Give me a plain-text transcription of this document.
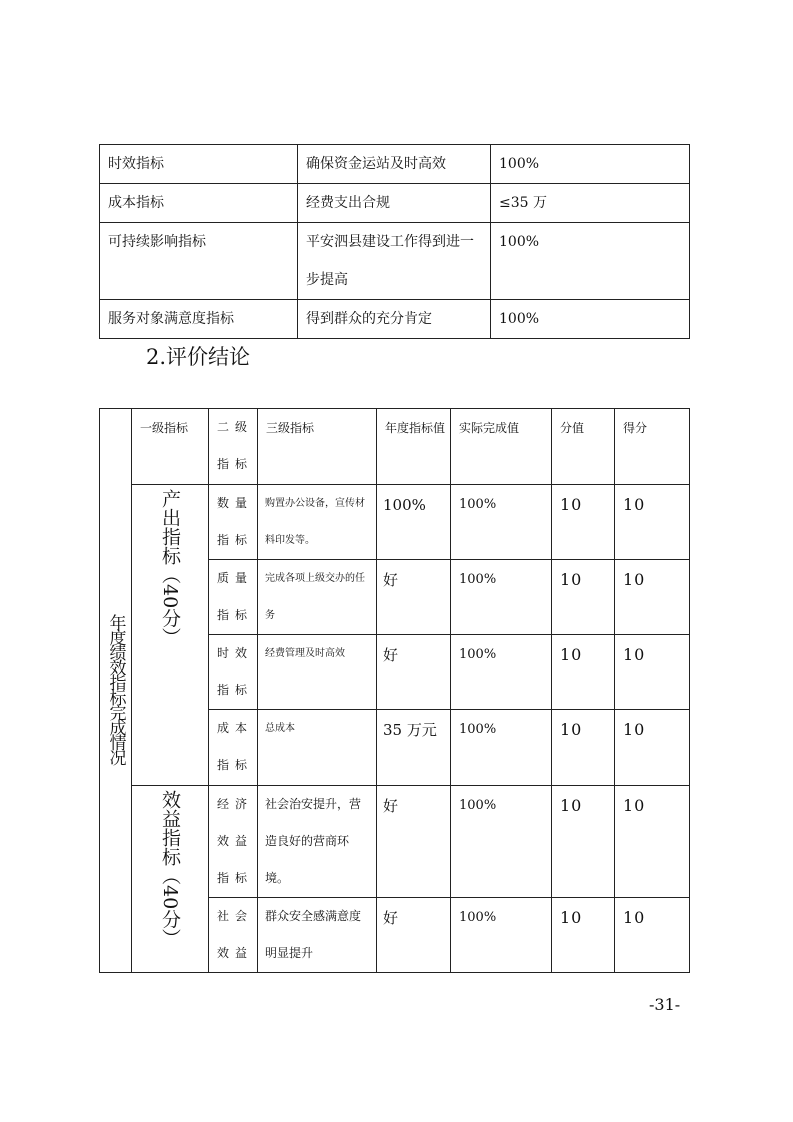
时效指标	确保资金运站及时高效	100%
成本指标	经费支出合规	≤35 万
可持续影响指标	平安泗县建设工作得到进一步提高	100%
服务对象满意度指标	得到群众的充分肯定	100%
2.评价结论
年度绩效指标完成情况	一级指标	二 级 指标	三级指标	年度指标值	实际完成值	分值	得分
	产出指标（40分）	数量指标	购置办公设备，宣传材料印发等。	100%	100%	10	10
		质量指标	完成各项上级交办的任务	好	100%	10	10
		时效指标	经费管理及时高效	好	100%	10	10
		成本指标	总成本	35 万元	100%	10	10
	效益指标（40分）	经济效益指标	社会治安提升，营造良好的营商环境。	好	100%	10	10
		社会效益	群众安全感满意度明显提升	好	100%	10	10
-31-
